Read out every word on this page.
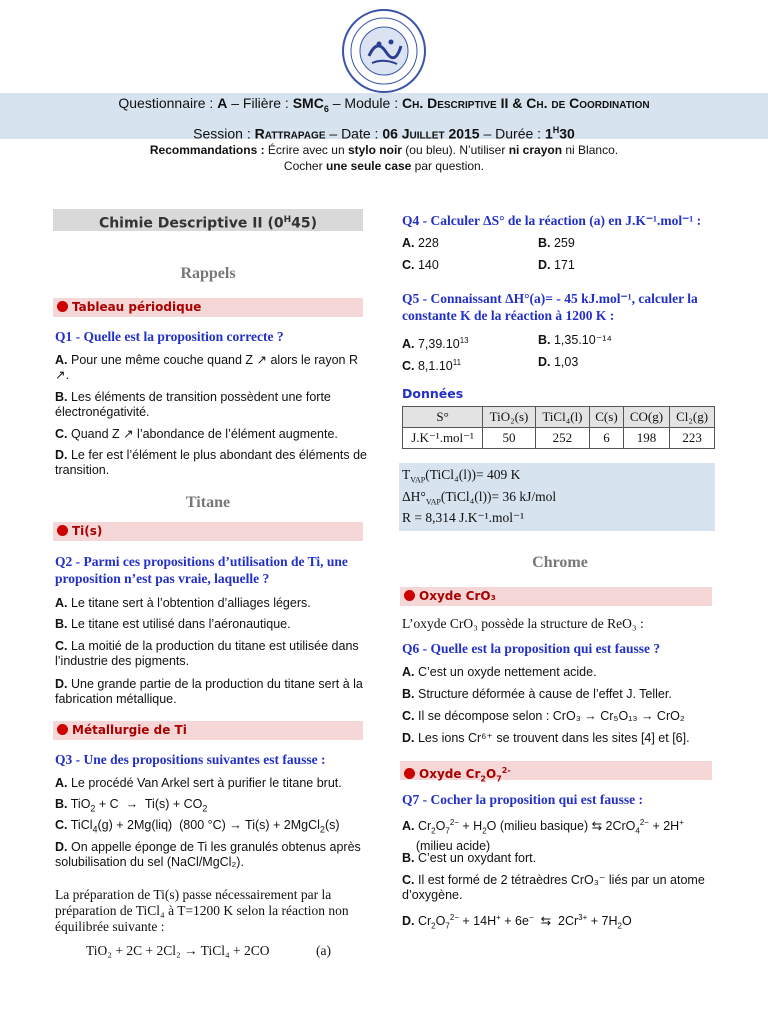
Questionnaire : A – Filière : $SMC_6$ – Module : Ch. Descriptive II & Ch. de Coordination
Session : Rattrapage – Date : 06 Juillet 2015 – Durée : $1^H30$
Recommandations : Écrire avec un stylo noir (ou bleu). N’utiliser ni crayon ni Blanco.
Cocher une seule case par question.
Chimie Descriptive II $(0^H45)$
Rappels
Tableau périodique
Q1 - Quelle est la proposition correcte ?
A. Pour une même couche quand Z ↗ alors le rayon R ↗.
B. Les éléments de transition possèdent une forte électronégativité.
C. Quand Z ↗ l’abondance de l’élément augmente.
D. Le fer est l’élément le plus abondant des éléments de transition.
Titane
Ti(s)
Q2 - Parmi ces propositions d’utilisation de Ti, une proposition n’est pas vraie, laquelle ?
A. Le titane sert à l’obtention d’alliages légers.
B. Le titane est utilisé dans l’aéronautique.
C. La moitié de la production du titane est utilisée dans l’industrie des pigments.
D. Une grande partie de la production du titane sert à la fabrication métallique.
Métallurgie de Ti
Q3 - Une des propositions suivantes est fausse :
A. Le procédé Van Arkel sert à purifier le titane brut.
B. $TiO_2 + C \to Ti(s) + CO_2$
C. TiCl$_4$(g) + 2Mg(liq)  (800 °C) → Ti(s) + 2MgCl$_2$(s)
D. On appelle éponge de Ti les granulés obtenus après solubilisation du sel (NaCl/MgCl₂).
La préparation de Ti(s) passe nécessairement par la préparation de TiCl₄ à T=1200 K selon la réaction non équilibrée suivante :
TiO₂ + 2C + 2Cl₂ → TiCl₄ + 2CO	(a)
Q4 - Calculer ΔS° de la réaction (a) en J.K⁻¹.mol⁻¹ :
A. 228	B. 259
C. 140	D. 171
Q5 - Connaissant ΔH°(a)= - 45 kJ.mol⁻¹, calculer la constante K de la réaction à 1200 K :
A. 7,39.10$^{13}$	B. 1,35.10⁻¹⁴
C. 8,1.10$^{11}$	D. 1,03
Données
S°	TiO₂(s)	TiCl₄(l)	C(s)	CO(g)	Cl₂(g)
J.K⁻¹.mol⁻¹	50	252	6	198	223
$T_{VAP}(TiCl_4(l))= 409$ K
$\Delta H^\circ_{VAP}(TiCl_4(l))= 36$ kJ/mol
R = 8,314 J.K⁻¹.mol⁻¹
Chrome
Oxyde CrO₃
L’oxyde CrO₃ possède la structure de ReO₃ :
Q6 - Quelle est la proposition qui est fausse ?
A. C’est un oxyde nettement acide.
B. Structure déformée à cause de l’effet J. Teller.
C. Il se décompose selon : CrO₃ → Cr₅O₁₃ → CrO₂
D. Les ions Cr⁶⁺ se trouvent dans les sites [4] et [6].
Oxyde $Cr_2O_7^{2-}$
Q7 - Cocher la proposition qui est fausse :
A. $Cr_2O_7^{2-} + H_2O$ (milieu basique) ⇆ 2CrO$_4^{2-}$ + 2H+
(milieu acide)
B. C’est un oxydant fort.
C. Il est formé de 2 tétraèdres CrO₃⁻ liés par un atome d’oxygène.
D. $Cr_2O_7^{2-} + 14H^+ + 6e^-$  ⇆  $2Cr^{3+} + 7H_2O$
